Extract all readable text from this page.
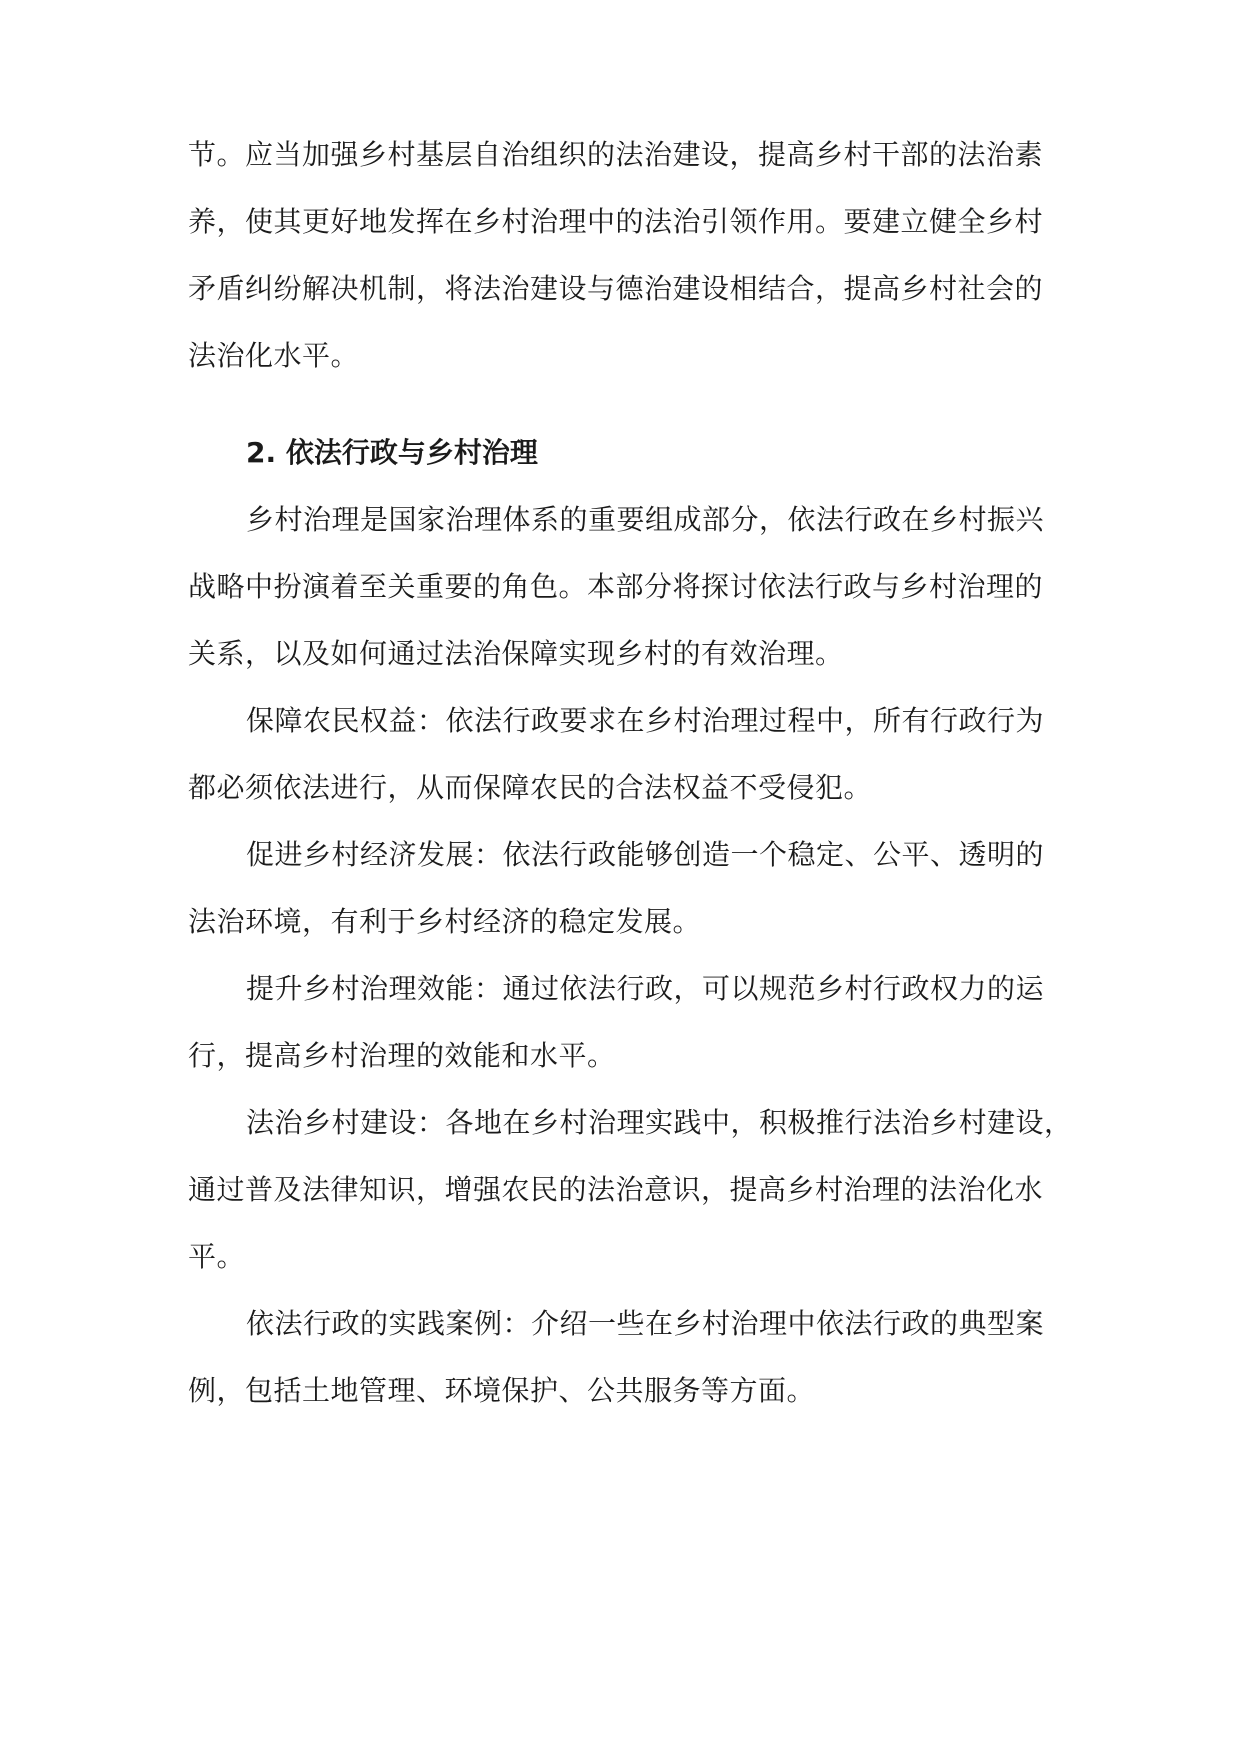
节。应当加强乡村基层自治组织的法治建设，提高乡村干部的法治素
养，使其更好地发挥在乡村治理中的法治引领作用。要建立健全乡村
矛盾纠纷解决机制，将法治建设与德治建设相结合，提高乡村社会的
法治化水平。
2. 依法行政与乡村治理
乡村治理是国家治理体系的重要组成部分，依法行政在乡村振兴
战略中扮演着至关重要的角色。本部分将探讨依法行政与乡村治理的
关系，以及如何通过法治保障实现乡村的有效治理。
保障农民权益：依法行政要求在乡村治理过程中，所有行政行为
都必须依法进行，从而保障农民的合法权益不受侵犯。
促进乡村经济发展：依法行政能够创造一个稳定、公平、透明的
法治环境，有利于乡村经济的稳定发展。
提升乡村治理效能：通过依法行政，可以规范乡村行政权力的运
行，提高乡村治理的效能和水平。
法治乡村建设：各地在乡村治理实践中，积极推行法治乡村建设，
通过普及法律知识，增强农民的法治意识，提高乡村治理的法治化水
平。
依法行政的实践案例：介绍一些在乡村治理中依法行政的典型案
例，包括土地管理、环境保护、公共服务等方面。
